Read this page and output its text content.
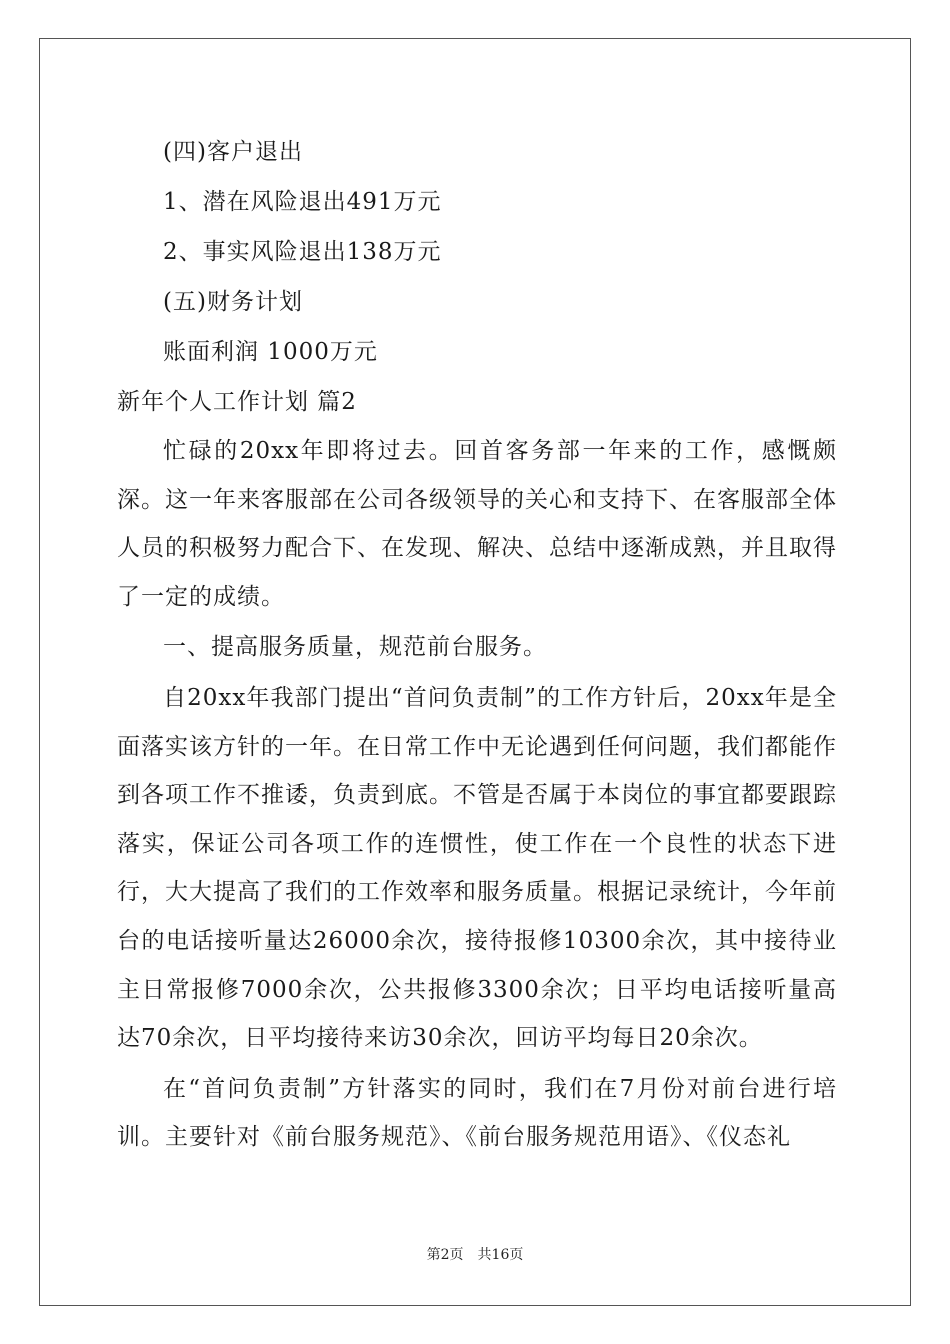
(四)客户退出

1、潜在风险退出491万元

2、事实风险退出138万元

(五)财务计划

账面利润 1000万元

新年个人工作计划 篇2

忙碌的20xx年即将过去。回首客务部一年来的工作，感慨颇深。这一年来客服部在公司各级领导的关心和支持下、在客服部全体人员的积极努力配合下、在发现、解决、总结中逐渐成熟，并且取得了一定的成绩。

一、提高服务质量，规范前台服务。

自20xx年我部门提出“首问负责制”的工作方针后，20xx年是全面落实该方针的一年。在日常工作中无论遇到任何问题，我们都能作到各项工作不推诿，负责到底。不管是否属于本岗位的事宜都要跟踪落实，保证公司各项工作的连惯性，使工作在一个良性的状态下进行，大大提高了我们的工作效率和服务质量。根据记录统计，今年前台的电话接听量达26000余次，接待报修10300余次，其中接待业主日常报修7000余次，公共报修3300余次；日平均电话接听量高达70余次，日平均接待来访30余次，回访平均每日20余次。

在“首问负责制”方针落实的同时，我们在7月份对前台进行培训。主要针对《前台服务规范》、《前台服务规范用语》、《仪态礼

第2页　共16页
